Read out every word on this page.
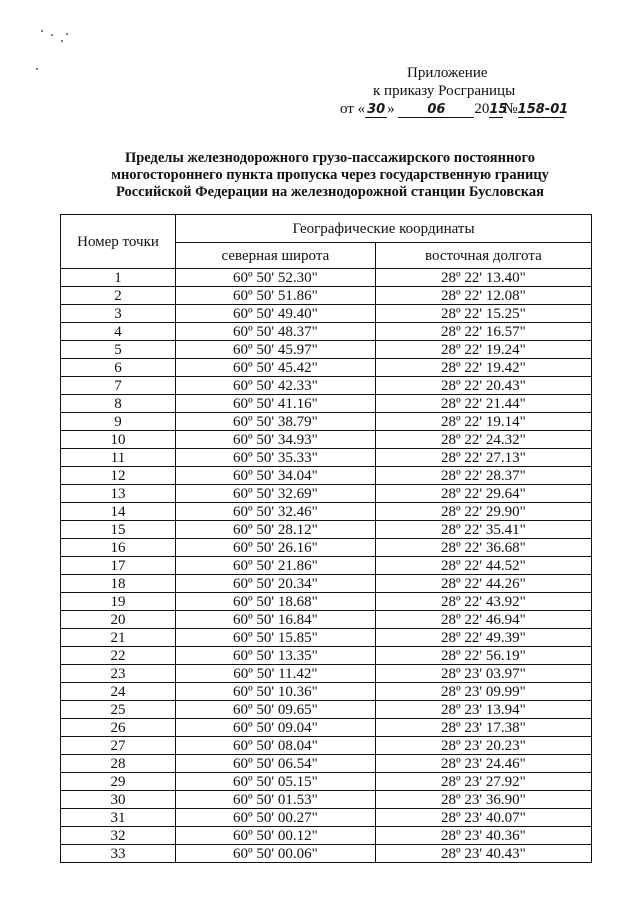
Приложение
к приказу Росграницы
от « 30 »	06 2015№158-01
Пределы железнодорожного грузо-пассажирского постоянного
многостороннего пункта пропуска через государственную границу
Российской Федерации на железнодорожной станции Бусловская
Номер точки	Географические координаты	
	северная широта	восточная долгота
1	60º 50' 52.30"	28º 22' 13.40"
2	60º 50' 51.86"	28º 22' 12.08"
3	60º 50' 49.40"	28º 22' 15.25"
4	60º 50' 48.37"	28º 22' 16.57"
5	60º 50' 45.97"	28º 22' 19.24"
6	60º 50' 45.42"	28º 22' 19.42"
7	60º 50' 42.33"	28º 22' 20.43"
8	60º 50' 41.16"	28º 22' 21.44"
9	60º 50' 38.79"	28º 22' 19.14"
10	60º 50' 34.93"	28º 22' 24.32"
11	60º 50' 35.33"	28º 22' 27.13"
12	60º 50' 34.04"	28º 22' 28.37"
13	60º 50' 32.69"	28º 22' 29.64"
14	60º 50' 32.46"	28º 22' 29.90"
15	60º 50' 28.12"	28º 22' 35.41"
16	60º 50' 26.16"	28º 22' 36.68"
17	60º 50' 21.86"	28º 22' 44.52"
18	60º 50' 20.34"	28º 22' 44.26"
19	60º 50' 18.68"	28º 22' 43.92"
20	60º 50' 16.84"	28º 22' 46.94"
21	60º 50' 15.85"	28º 22' 49.39"
22	60º 50' 13.35"	28º 22' 56.19"
23	60º 50' 11.42"	28º 23' 03.97"
24	60º 50' 10.36"	28º 23' 09.99"
25	60º 50' 09.65"	28º 23' 13.94"
26	60º 50' 09.04"	28º 23' 17.38"
27	60º 50' 08.04"	28º 23' 20.23"
28	60º 50' 06.54"	28º 23' 24.46"
29	60º 50' 05.15"	28º 23' 27.92"
30	60º 50' 01.53"	28º 23' 36.90"
31	60º 50' 00.27"	28º 23' 40.07"
32	60º 50' 00.12"	28º 23' 40.36"
33	60º 50' 00.06"	28º 23' 40.43"
